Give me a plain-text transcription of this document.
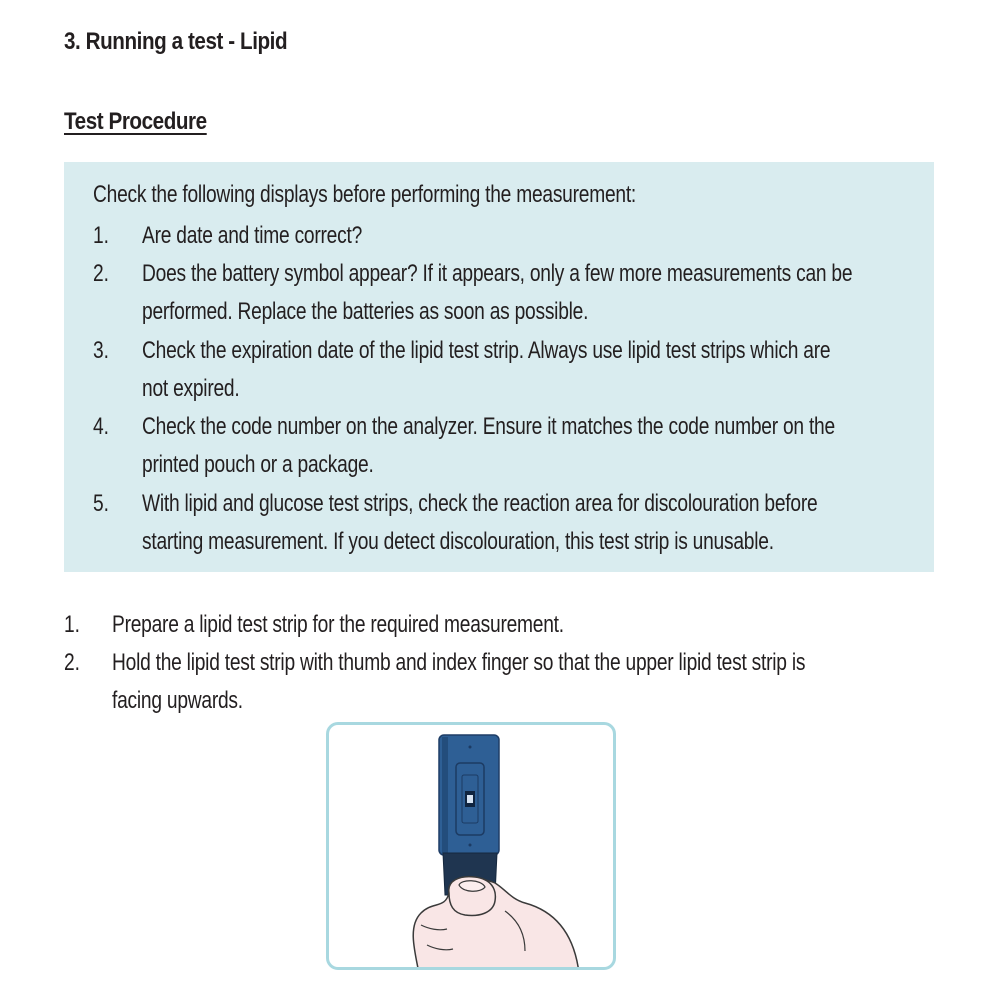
3. Running a test - Lipid
Test Procedure
Check the following displays before performing the measurement:
1. Are date and time correct?
2. Does the battery symbol appear? If it appears, only a few more measurements can be
performed. Replace the batteries as soon as possible.
3. Check the expiration date of the lipid test strip. Always use lipid test strips which are
not expired.
4. Check the code number on the analyzer. Ensure it matches the code number on the
printed pouch or a package.
5. With lipid and glucose test strips, check the reaction area for discolouration before
starting measurement. If you detect discolouration, this test strip is unusable.
1. Prepare a lipid test strip for the required measurement.
2. Hold the lipid test strip with thumb and index finger so that the upper lipid test strip is
facing upwards.
